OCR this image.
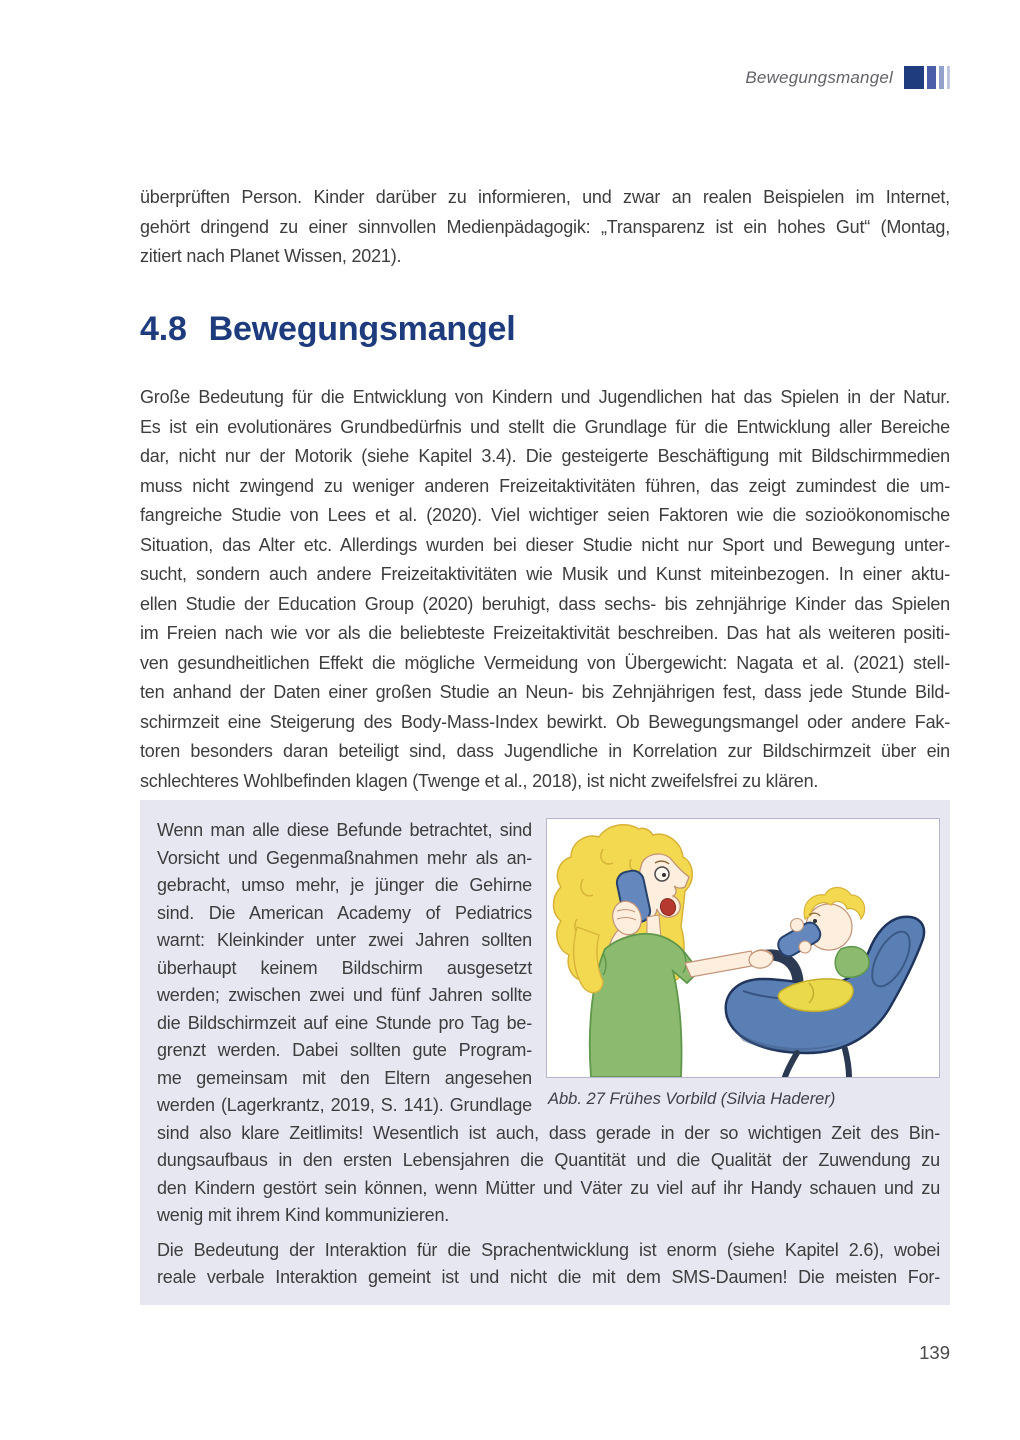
Bewegungsmangel
überprüften Person. Kinder darüber zu informieren, und zwar an realen Beispielen im Internet,
gehört dringend zu einer sinnvollen Medienpädagogik: „Transparenz ist ein hohes Gut“ (Montag,
zitiert nach Planet Wissen, 2021).
4.8 Bewegungsmangel
Große Bedeutung für die Entwicklung von Kindern und Jugendlichen hat das Spielen in der Natur.
Es ist ein evolutionäres Grundbedürfnis und stellt die Grundlage für die Entwicklung aller Bereiche
dar, nicht nur der Motorik (siehe Kapitel 3.4). Die gesteigerte Beschäftigung mit Bildschirmmedien
muss nicht zwingend zu weniger anderen Freizeitaktivitäten führen, das zeigt zumindest die um-
fangreiche Studie von Lees et al. (2020). Viel wichtiger seien Faktoren wie die sozioökonomische
Situation, das Alter etc. Allerdings wurden bei dieser Studie nicht nur Sport und Bewegung unter-
sucht, sondern auch andere Freizeitaktivitäten wie Musik und Kunst miteinbezogen. In einer aktu-
ellen Studie der Education Group (2020) beruhigt, dass sechs- bis zehnjährige Kinder das Spielen
im Freien nach wie vor als die beliebteste Freizeitaktivität beschreiben. Das hat als weiteren positi-
ven gesundheitlichen Effekt die mögliche Vermeidung von Übergewicht: Nagata et al. (2021) stell-
ten anhand der Daten einer großen Studie an Neun- bis Zehnjährigen fest, dass jede Stunde Bild-
schirmzeit eine Steigerung des Body-Mass-Index bewirkt. Ob Bewegungsmangel oder andere Fak-
toren besonders daran beteiligt sind, dass Jugendliche in Korrelation zur Bildschirmzeit über ein
schlechteres Wohlbefinden klagen (Twenge et al., 2018), ist nicht zweifelsfrei zu klären.
Abb. 27 Frühes Vorbild (Silvia Haderer)
Wenn man alle diese Befunde betrachtet, sind
Vorsicht und Gegenmaßnahmen mehr als an-
gebracht, umso mehr, je jünger die Gehirne
sind. Die American Academy of Pediatrics
warnt: Kleinkinder unter zwei Jahren sollten
überhaupt keinem Bildschirm ausgesetzt
werden; zwischen zwei und fünf Jahren sollte
die Bildschirmzeit auf eine Stunde pro Tag be-
grenzt werden. Dabei sollten gute Program-
me gemeinsam mit den Eltern angesehen
werden (Lagerkrantz, 2019, S. 141). Grundlage
sind also klare Zeitlimits! Wesentlich ist auch, dass gerade in der so wichtigen Zeit des Bin-
dungsaufbaus in den ersten Lebensjahren die Quantität und die Qualität der Zuwendung zu
den Kindern gestört sein können, wenn Mütter und Väter zu viel auf ihr Handy schauen und zu
wenig mit ihrem Kind kommunizieren.
Die Bedeutung der Interaktion für die Sprachentwicklung ist enorm (siehe Kapitel 2.6), wobei
reale verbale Interaktion gemeint ist und nicht die mit dem SMS-Daumen! Die meisten For-
139
